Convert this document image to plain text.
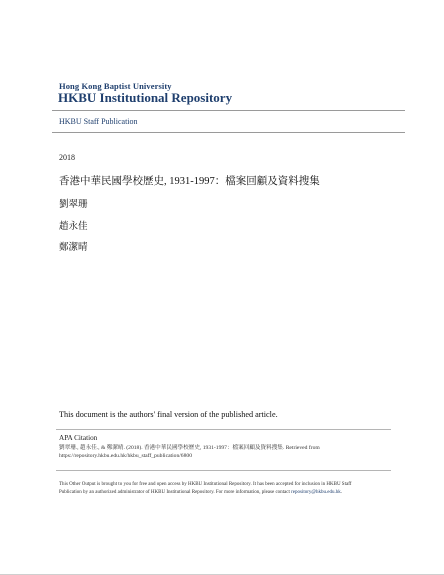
Hong Kong Baptist University
HKBU Institutional Repository
HKBU Staff Publication
2018
香港中華民國學校歷史, 1931-1997：檔案回顧及資料搜集
劉翠珊
趙永佳
鄭潔晴
This document is the authors' final version of the published article.
APA Citation
劉翠珊., 趙永佳., & 鄭潔晴. (2018). 香港中華民國學校歷史, 1931-1997：檔案回顧及資料搜集. Retrieved from
https://repository.hkbu.edu.hk/hkbu_staff_publication/6800
This Other Output is brought to you for free and open access by HKBU Institutional Repository. It has been accepted for inclusion in HKBU Staff
Publication by an authorized administrator of HKBU Institutional Repository. For more information, please contact repository@hkbu.edu.hk.
